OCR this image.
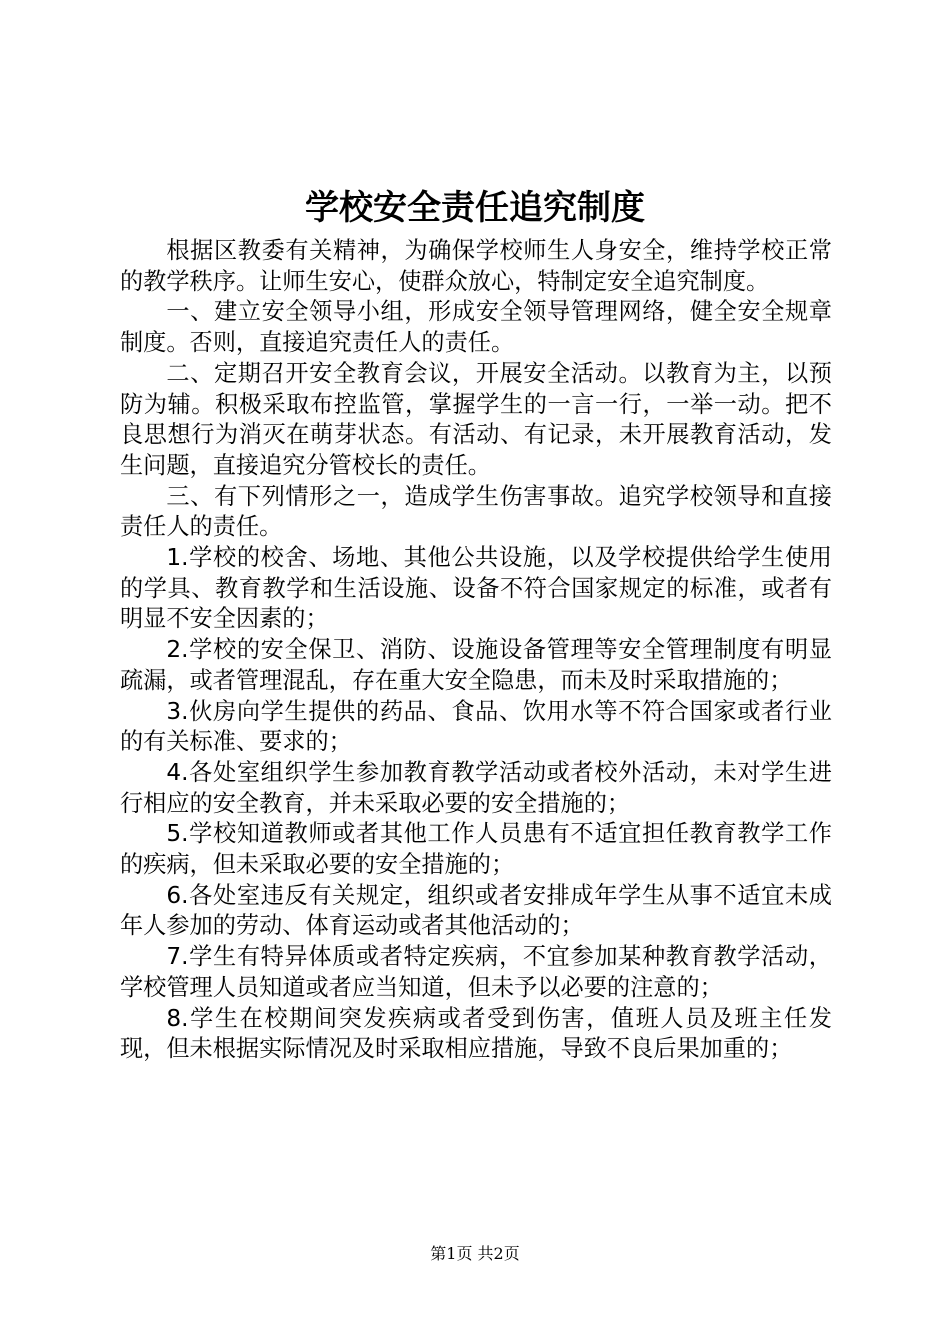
学校安全责任追究制度

根据区教委有关精神，为确保学校师生人身安全，维持学校正常的教学秩序。让师生安心，使群众放心，特制定安全追究制度。

一、建立安全领导小组，形成安全领导管理网络，健全安全规章制度。否则，直接追究责任人的责任。

二、定期召开安全教育会议，开展安全活动。以教育为主，以预防为辅。积极采取布控监管，掌握学生的一言一行，一举一动。把不良思想行为消灭在萌芽状态。有活动、有记录，未开展教育活动，发生问题，直接追究分管校长的责任。

三、有下列情形之一，造成学生伤害事故。追究学校领导和直接责任人的责任。

1.学校的校舍、场地、其他公共设施，以及学校提供给学生使用的学具、教育教学和生活设施、设备不符合国家规定的标准，或者有明显不安全因素的；

2.学校的安全保卫、消防、设施设备管理等安全管理制度有明显疏漏，或者管理混乱，存在重大安全隐患，而未及时采取措施的；

3.伙房向学生提供的药品、食品、饮用水等不符合国家或者行业的有关标准、要求的；

4.各处室组织学生参加教育教学活动或者校外活动，未对学生进行相应的安全教育，并未采取必要的安全措施的；

5.学校知道教师或者其他工作人员患有不适宜担任教育教学工作的疾病，但未采取必要的安全措施的；

6.各处室违反有关规定，组织或者安排成年学生从事不适宜未成年人参加的劳动、体育运动或者其他活动的；

7.学生有特异体质或者特定疾病，不宜参加某种教育教学活动，学校管理人员知道或者应当知道，但未予以必要的注意的；

8.学生在校期间突发疾病或者受到伤害，值班人员及班主任发现，但未根据实际情况及时采取相应措施，导致不良后果加重的；

第1页 共2页
